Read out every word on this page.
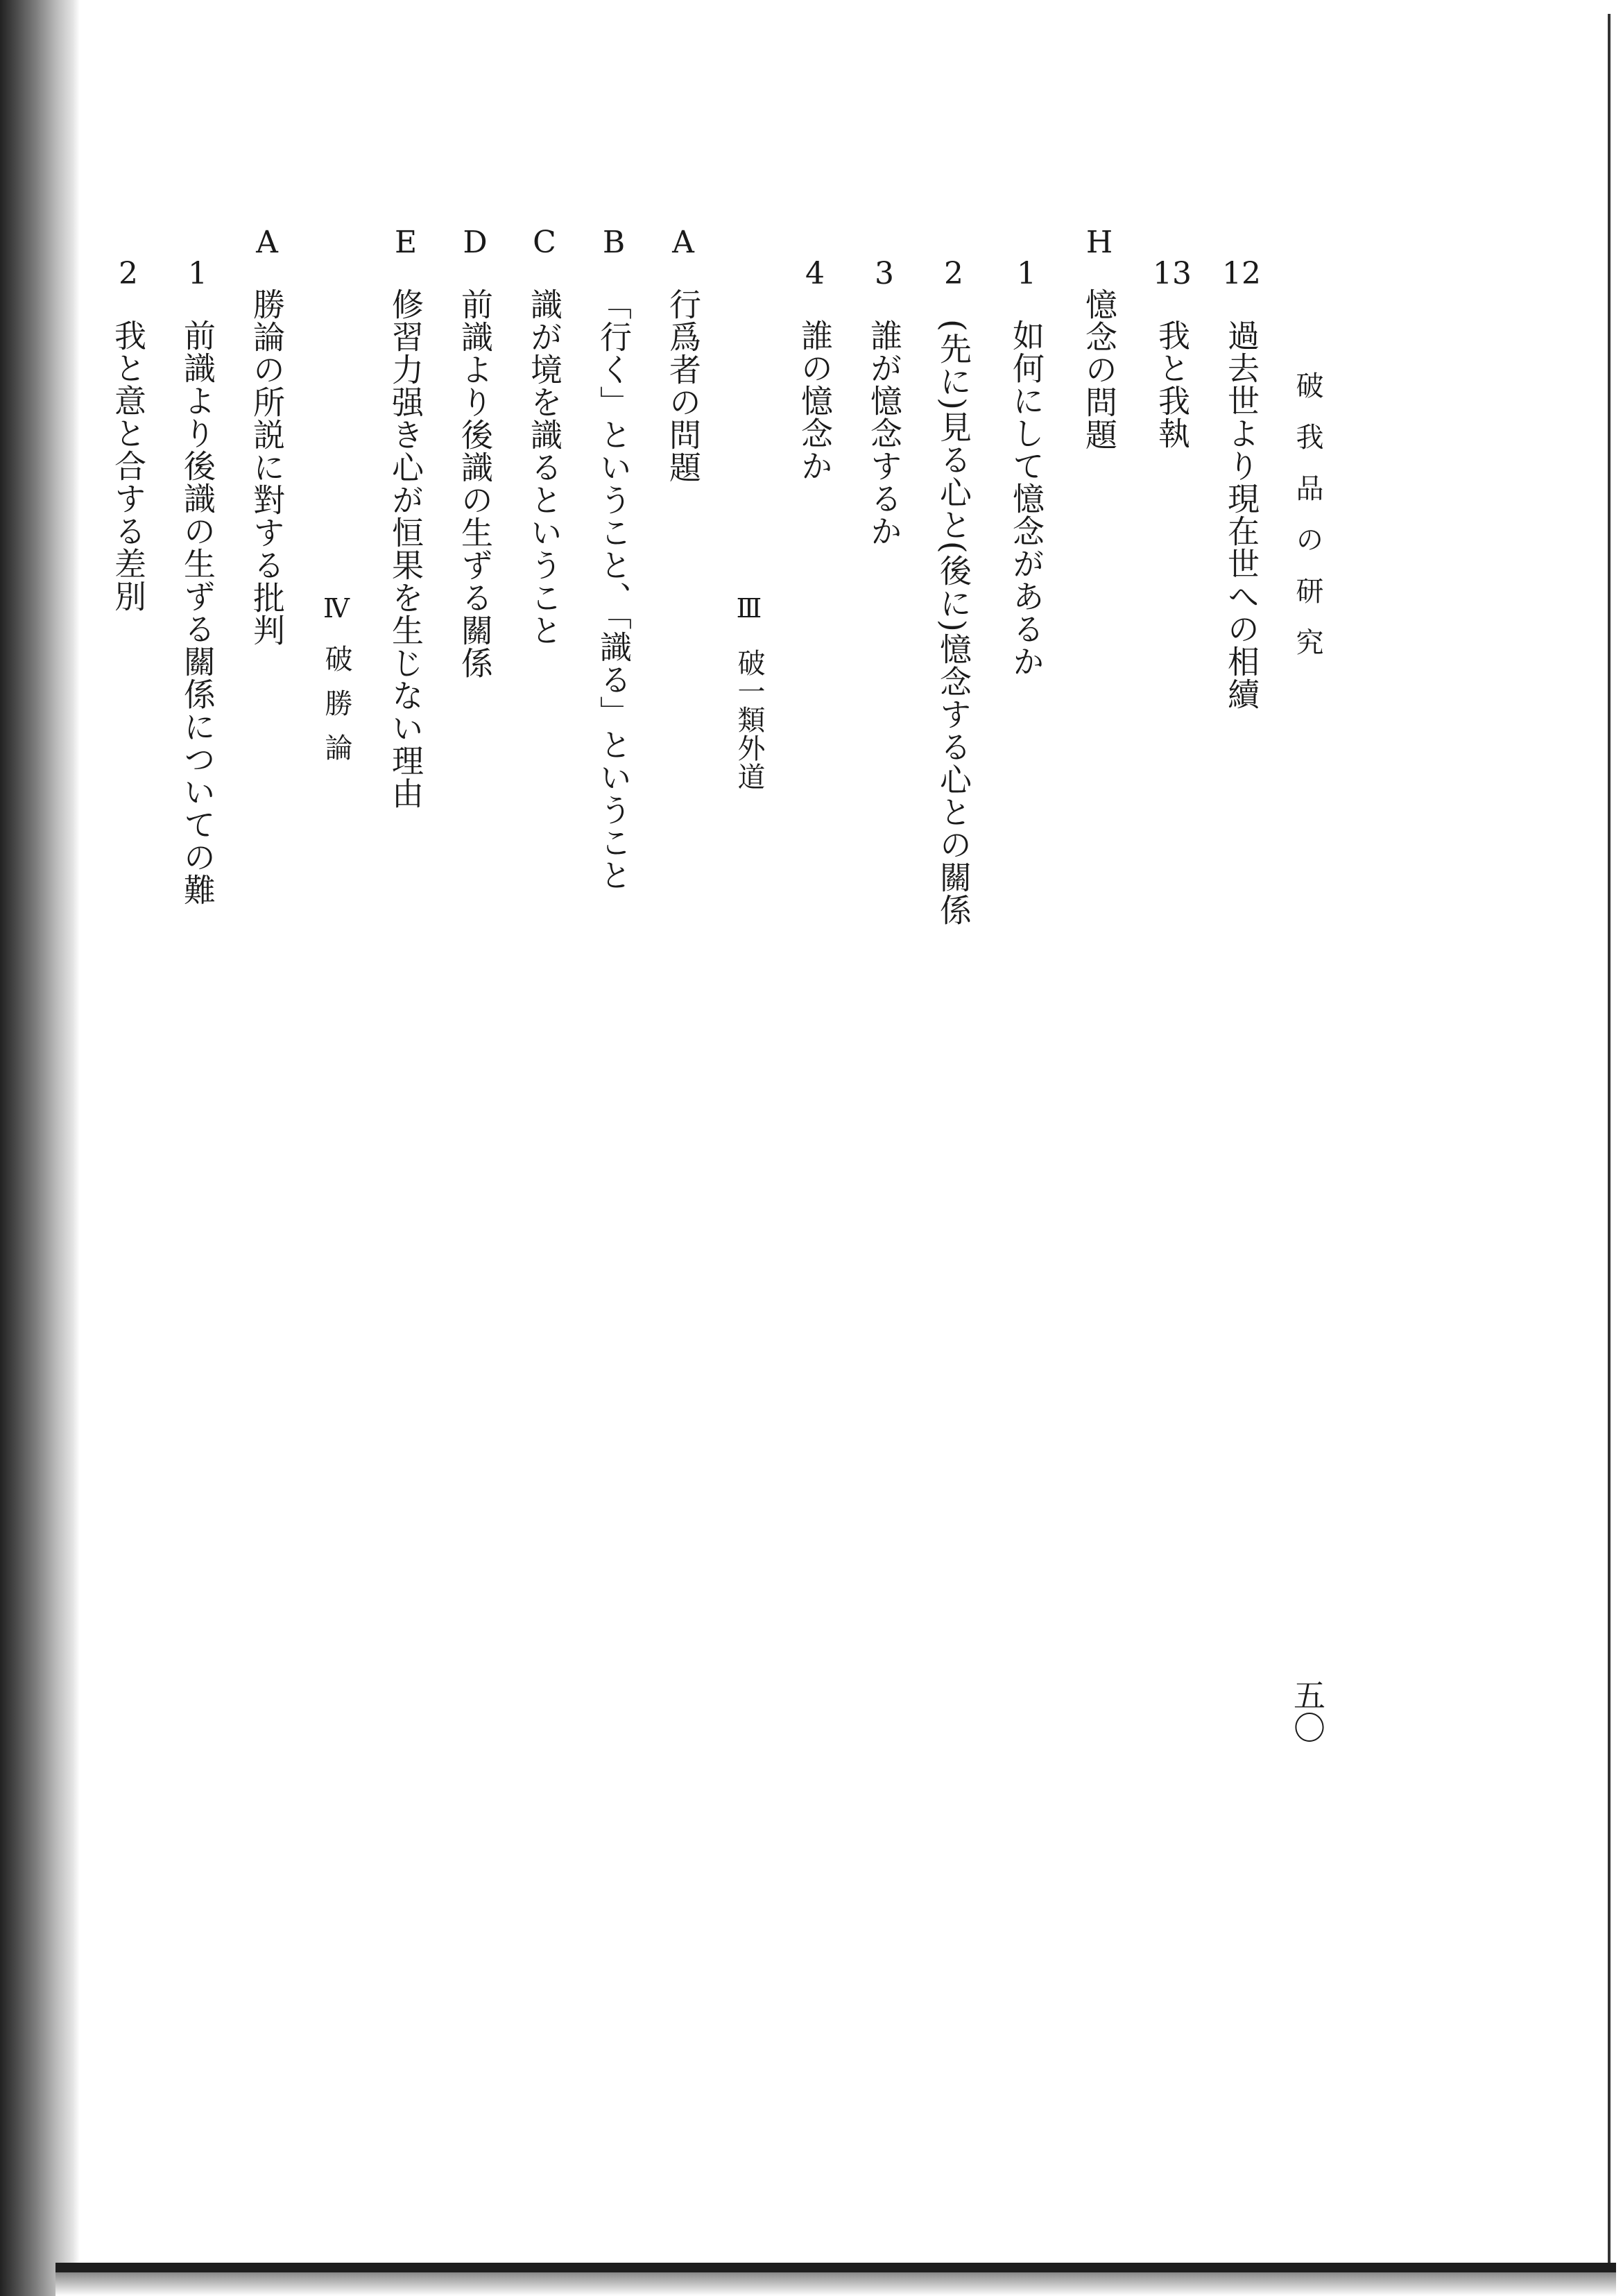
破我品の研究
五〇
12
過去世より現在世への相續
13
我と我執
H
憶念の問題
1
如何にして憶念があるか
2
(先に)見る心と(後に)憶念する心との關係
3
誰が憶念するか
4
誰の憶念か
Ⅲ
破一類外道
A
行爲者の問題
B
「行く」ということ、「識る」ということ
C
識が境を識るということ
D
前識より後識の生ずる關係
E
修習力强き心が恒果を生じない理由
Ⅳ
破勝論
A
勝論の所説に對する批判
1
前識より後識の生ずる關係についての難
2
我と意と合する差別
